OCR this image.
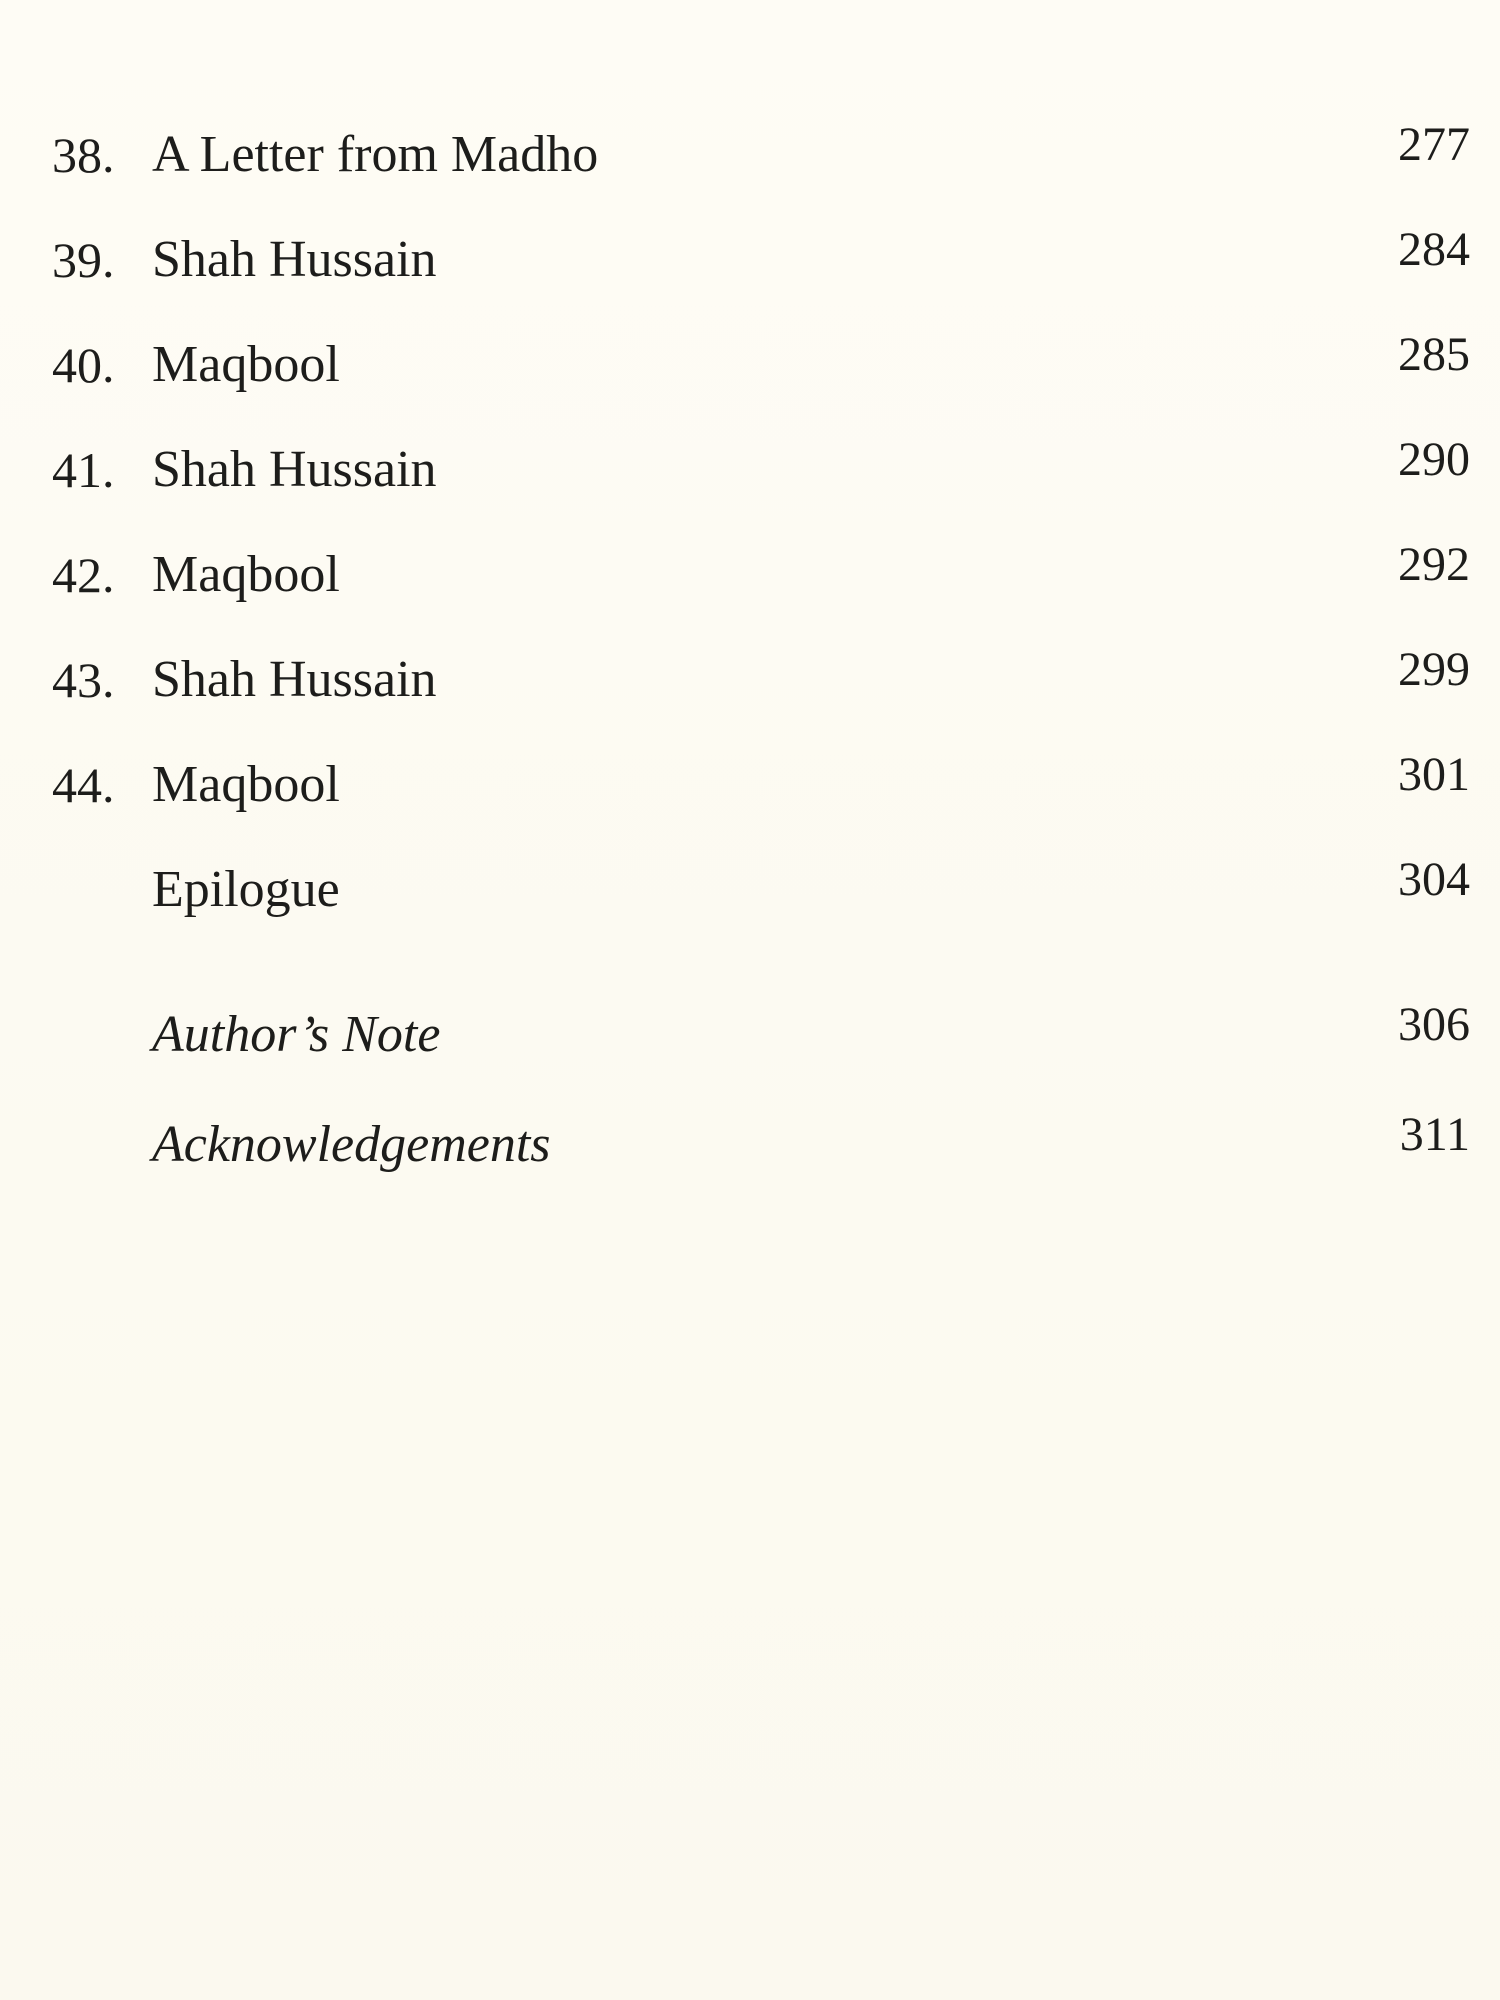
38. A Letter from Madho	277
39. Shah Hussain	284
40. Maqbool	285
41. Shah Hussain	290
42. Maqbool	292
43. Shah Hussain	299
44. Maqbool	301
Epilogue	304
Author’s Note	306
Acknowledgements	311
